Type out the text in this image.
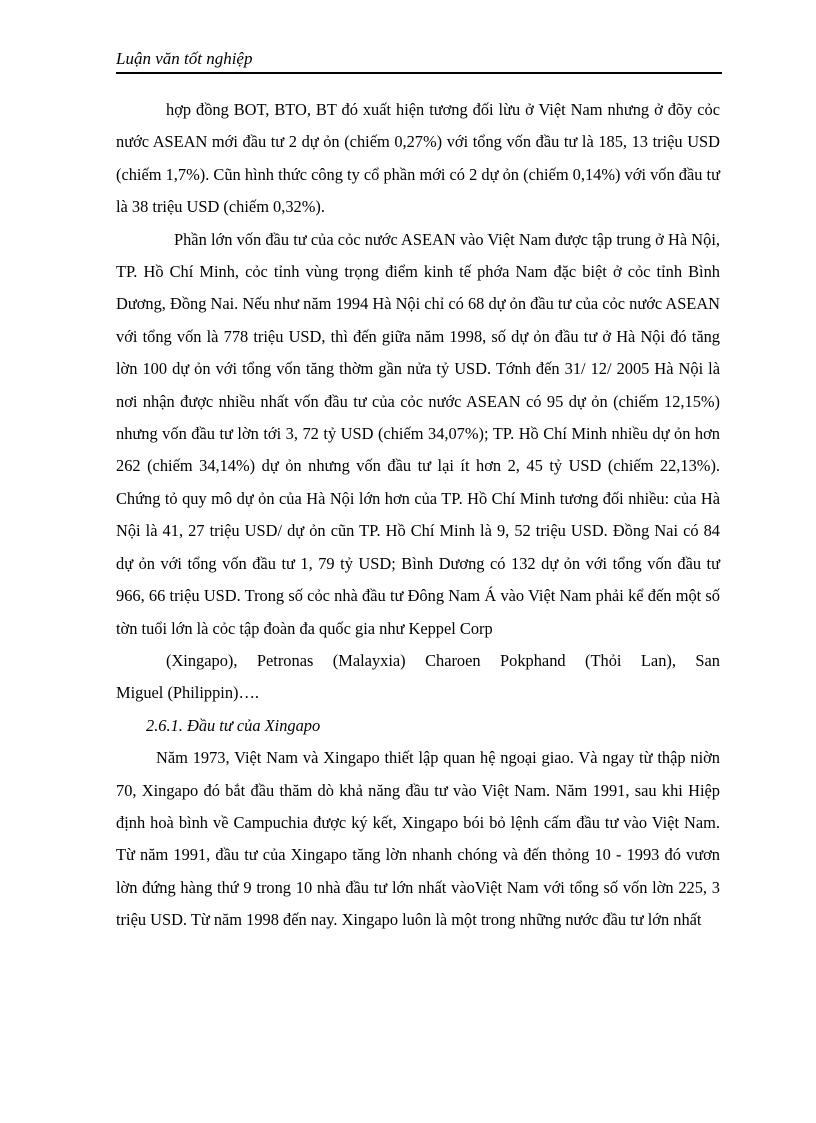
Luận văn tốt nghiệp

hợp đồng BOT, BTO, BT đó xuất hiện tương đối lừu ở Việt Nam nhưng ở đõy cỏc nước ASEAN mới đầu tư 2 dự ỏn (chiếm 0,27%) với tổng vốn đầu tư là 185, 13 triệu USD (chiếm 1,7%). Cũn hình thức công ty cổ phần mới có 2 dự ỏn (chiếm 0,14%) với vốn đầu tư là 38 triệu USD (chiếm 0,32%).

Phần lớn vốn đầu tư của cỏc nước ASEAN vào Việt Nam được tập trung ở Hà Nội, TP. Hồ Chí Minh, cỏc tỉnh vùng trọng điểm kinh tế phớa Nam đặc biệt ở cỏc tỉnh Bình Dương, Đồng Nai. Nếu như năm 1994 Hà Nội chỉ có 68 dự ỏn đầu tư của cỏc nước ASEAN với tổng vốn là 778 triệu USD, thì đến giữa năm 1998, số dự ỏn đầu tư ở Hà Nội đó tăng lờn 100 dự ỏn với tổng vốn tăng thờm gần nửa tỷ USD. Tớnh đến 31/ 12/ 2005 Hà Nội là nơi nhận được nhiều nhất vốn đầu tư của cỏc nước ASEAN có 95 dự ỏn (chiếm 12,15%) nhưng vốn đầu tư lờn tới 3, 72 tỷ USD (chiếm 34,07%); TP. Hồ Chí Minh nhiều dự ỏn hơn 262 (chiếm 34,14%) dự ỏn nhưng vốn đầu tư lại ít hơn 2, 45 tỷ USD (chiếm 22,13%). Chứng tỏ quy mô dự ỏn của Hà Nội lớn hơn của TP. Hồ Chí Minh tương đối nhiều: của Hà Nội là 41, 27 triệu USD/ dự ỏn cũn TP. Hồ Chí Minh là 9, 52 triệu USD. Đồng Nai có 84 dự ỏn với tổng vốn đầu tư 1, 79 tỷ USD; Bình Dương có 132 dự ỏn với tổng vốn đầu tư 966, 66 triệu USD. Trong số cỏc nhà đầu tư Đông Nam Á vào Việt Nam phải kể đến một số tờn tuổi lớn là cỏc tập đoàn đa quốc gia như Keppel Corp

(Xingapo), Petronas (Malayxia) Charoen Pokphand (Thỏi Lan), San
Miguel (Philippin)….

2.6.1. Đầu tư của Xingapo

Năm 1973, Việt Nam và Xingapo thiết lập quan hệ ngoại giao. Và ngay từ thập niờn 70, Xingapo đó bắt đầu thăm dò khả năng đầu tư vào Việt Nam. Năm 1991, sau khi Hiệp định hoà bình về Campuchia được ký kết, Xingapo bói bỏ lệnh cấm đầu tư vào Việt Nam. Từ năm 1991, đầu tư của Xingapo tăng lờn nhanh chóng và đến thỏng 10 - 1993 đó vươn lờn đứng hàng thứ 9 trong 10 nhà đầu tư lớn nhất vàoViệt Nam với tổng số vốn lờn 225, 3 triệu USD. Từ năm 1998 đến nay. Xingapo luôn là một trong những nước đầu tư lớn nhất
